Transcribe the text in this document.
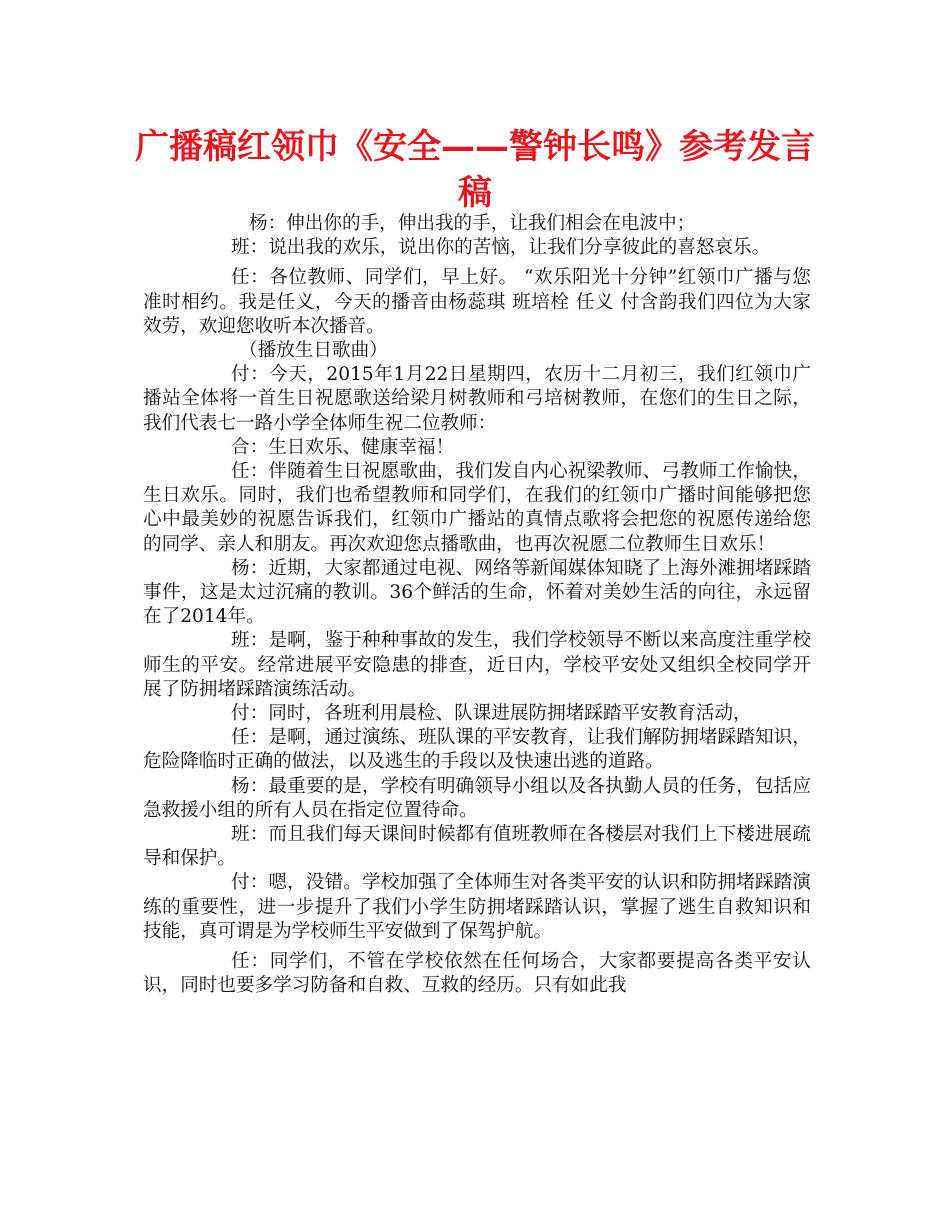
广播稿红领巾《安全——警钟长鸣》参考发言稿

杨：伸出你的手，伸出我的手，让我们相会在电波中；

班：说出我的欢乐，说出你的苦恼，让我们分享彼此的喜怒哀乐。

任：各位教师、同学们，早上好。 “欢乐阳光十分钟”红领巾广播与您准时相约。我是任义，今天的播音由杨蕊琪 班培栓 任义 付含韵我们四位为大家效劳，欢迎您收听本次播音。

（播放生日歌曲）

付：今天，2015年1月22日星期四，农历十二月初三，我们红领巾广播站全体将一首生日祝愿歌送给梁月树教师和弓培树教师，在您们的生日之际，我们代表七一路小学全体师生祝二位教师：

合：生日欢乐、健康幸福！

任：伴随着生日祝愿歌曲，我们发自内心祝梁教师、弓教师工作愉快，生日欢乐。同时，我们也希望教师和同学们，在我们的红领巾广播时间能够把您心中最美妙的祝愿告诉我们，红领巾广播站的真情点歌将会把您的祝愿传递给您的同学、亲人和朋友。再次欢迎您点播歌曲，也再次祝愿二位教师生日欢乐！

杨：近期，大家都通过电视、网络等新闻媒体知晓了上海外滩拥堵踩踏事件，这是太过沉痛的教训。36个鲜活的生命，怀着对美妙生活的向往，永远留在了2014年。

班：是啊，鉴于种种事故的发生，我们学校领导不断以来高度注重学校师生的平安。经常进展平安隐患的排查，近日内，学校平安处又组织全校同学开展了防拥堵踩踏演练活动。

付：同时，各班利用晨检、队课进展防拥堵踩踏平安教育活动，

任：是啊，通过演练、班队课的平安教育，让我们解防拥堵踩踏知识，危险降临时正确的做法，以及逃生的手段以及快速出逃的道路。

杨：最重要的是，学校有明确领导小组以及各执勤人员的任务，包括应急救援小组的所有人员在指定位置待命。

班：而且我们每天课间时候都有值班教师在各楼层对我们上下楼进展疏导和保护。

付：嗯，没错。学校加强了全体师生对各类平安的认识和防拥堵踩踏演练的重要性，进一步提升了我们小学生防拥堵踩踏认识，掌握了逃生自救知识和技能，真可谓是为学校师生平安做到了保驾护航。

任：同学们，不管在学校依然在任何场合，大家都要提高各类平安认识，同时也要多学习防备和自救、互救的经历。只有如此我
